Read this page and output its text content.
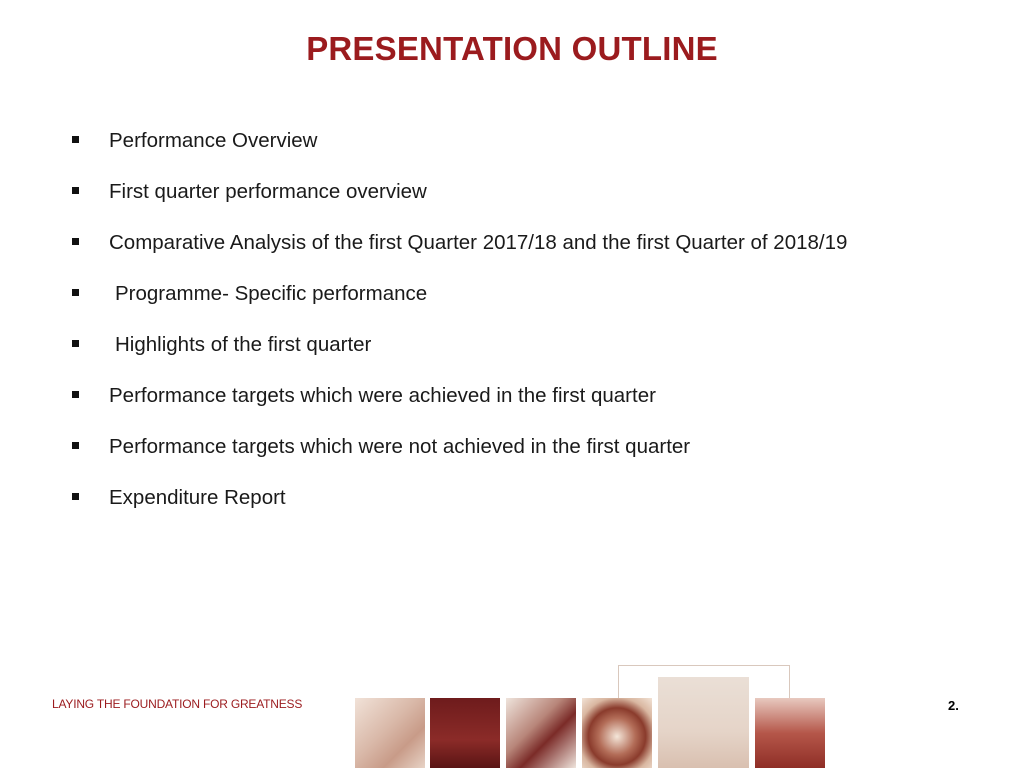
PRESENTATION OUTLINE
Performance Overview
First quarter performance overview
Comparative Analysis of the first Quarter 2017/18 and the first Quarter of 2018/19
Programme- Specific performance
Highlights of the first quarter
Performance targets which were achieved in the first quarter
Performance targets which were not achieved in the first quarter
Expenditure Report
LAYING THE FOUNDATION FOR GREATNESS	2.
